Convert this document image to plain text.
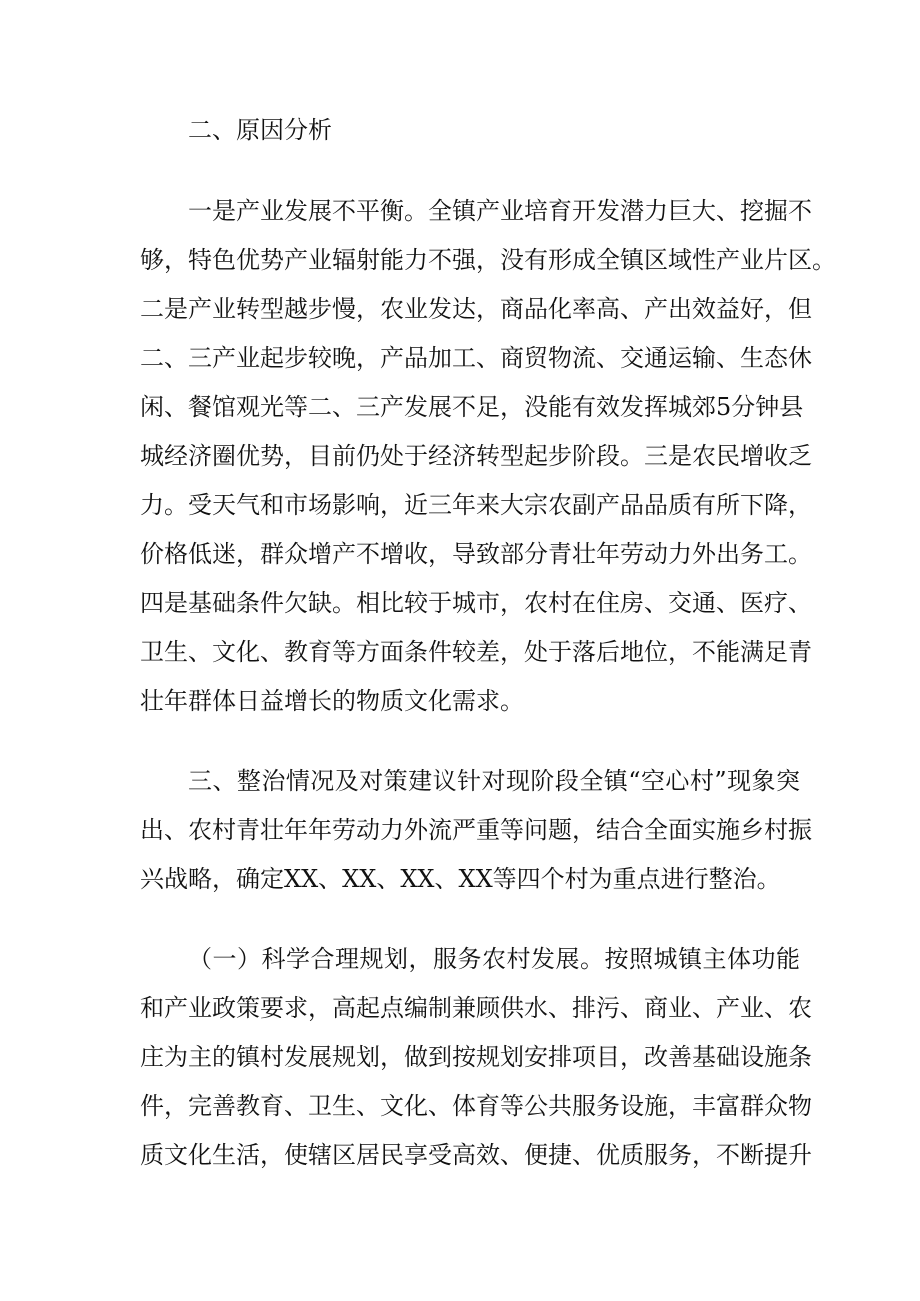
二、原因分析
一是产业发展不平衡。全镇产业培育开发潜力巨大、挖掘不
够，特色优势产业辐射能力不强，没有形成全镇区域性产业片区。
二是产业转型越步慢，农业发达，商品化率高、产出效益好，但
二、三产业起步较晚，产品加工、商贸物流、交通运输、生态休
闲、餐馆观光等二、三产发展不足，没能有效发挥城郊5分钟县
城经济圈优势，目前仍处于经济转型起步阶段。三是农民增收乏
力。受天气和市场影响，近三年来大宗农副产品品质有所下降，
价格低迷，群众增产不增收，导致部分青壮年劳动力外出务工。
四是基础条件欠缺。相比较于城市，农村在住房、交通、医疗、
卫生、文化、教育等方面条件较差，处于落后地位，不能满足青
壮年群体日益增长的物质文化需求。
三、整治情况及对策建议针对现阶段全镇“空心村”现象突
出、农村青壮年年劳动力外流严重等问题，结合全面实施乡村振
兴战略，确定XX、XX、XX、XX等四个村为重点进行整治。
（一）科学合理规划，服务农村发展。按照城镇主体功能
和产业政策要求，高起点编制兼顾供水、排污、商业、产业、农
庄为主的镇村发展规划，做到按规划安排项目，改善基础设施条
件，完善教育、卫生、文化、体育等公共服务设施，丰富群众物
质文化生活，使辖区居民享受高效、便捷、优质服务，不断提升
